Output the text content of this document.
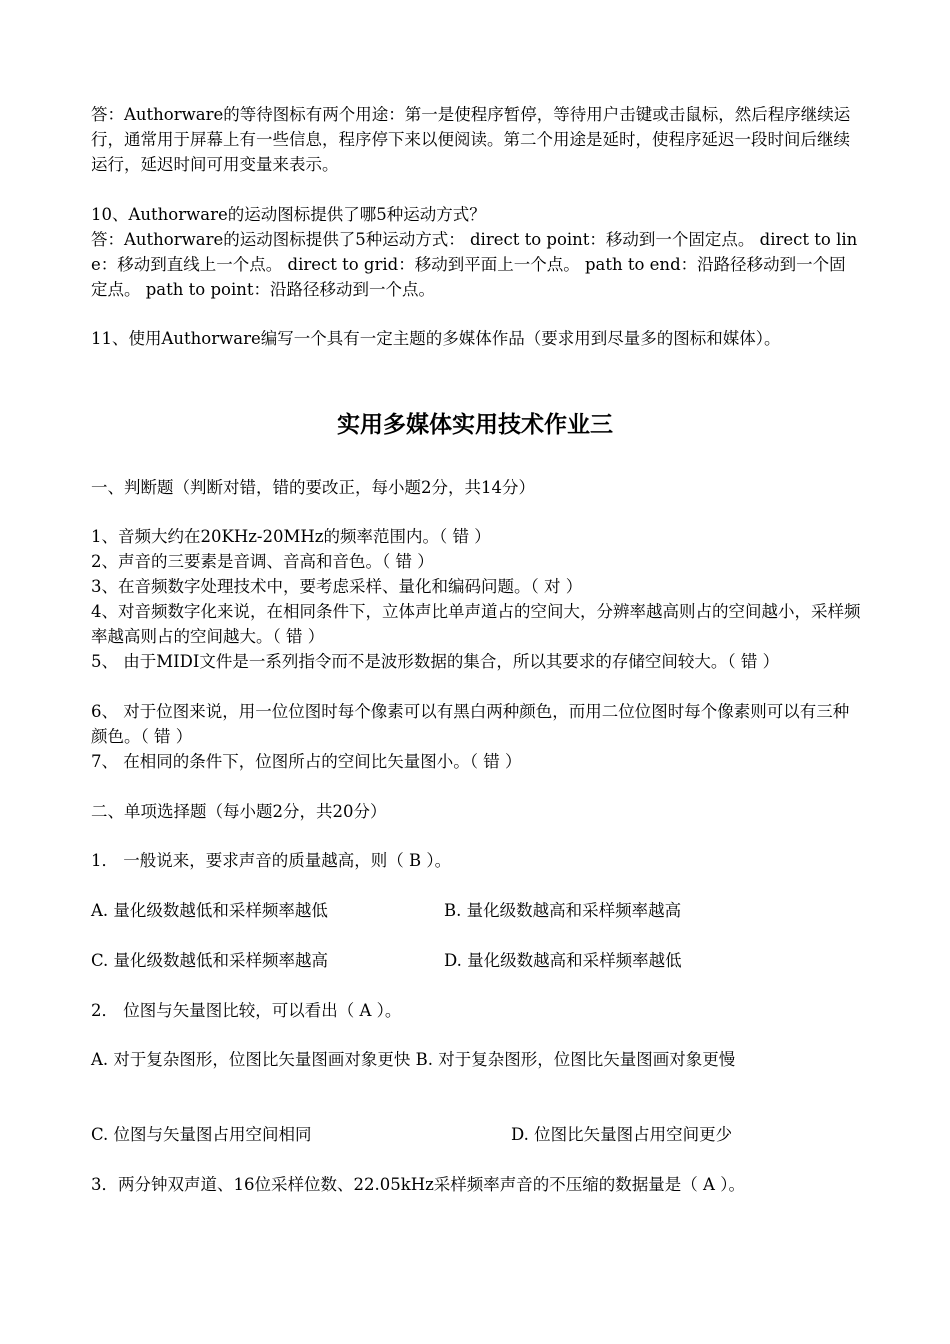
答：Authorware的等待图标有两个用途：第一是使程序暂停，等待用户击键或击鼠标，然后程序继续运行，通常用于屏幕上有一些信息，程序停下来以便阅读。第二个用途是延时，使程序延迟一段时间后继续运行，延迟时间可用变量来表示。

10、Authorware的运动图标提供了哪5种运动方式？

答：Authorware的运动图标提供了5种运动方式： direct to point：移动到一个固定点。 direct to line：移动到直线上一个点。 direct to grid：移动到平面上一个点。 path to end：沿路径移动到一个固定点。 path to point：沿路径移动到一个点。

11、使用Authorware编写一个具有一定主题的多媒体作品（要求用到尽量多的图标和媒体）。

实用多媒体实用技术作业三

一、判断题（判断对错，错的要改正，每小题2分，共14分）

1、音频大约在20KHz-20MHz的频率范围内。（ 错 ）

2、声音的三要素是音调、音高和音色。（ 错 ）

3、在音频数字处理技术中，要考虑采样、量化和编码问题。（ 对 ）

4、对音频数字化来说，在相同条件下，立体声比单声道占的空间大，分辨率越高则占的空间越小，采样频率越高则占的空间越大。（ 错 ）

5、 由于MIDI文件是一系列指令而不是波形数据的集合，所以其要求的存储空间较大。（ 错 ）

6、 对于位图来说，用一位位图时每个像素可以有黑白两种颜色，而用二位位图时每个像素则可以有三种颜色。（ 错 ）

7、 在相同的条件下，位图所占的空间比矢量图小。（ 错 ）

二、单项选择题（每小题2分，共20分）

1． 一般说来，要求声音的质量越高，则（ B ）。

A. 量化级数越低和采样频率越低	B. 量化级数越高和采样频率越高
C. 量化级数越低和采样频率越高	D. 量化级数越高和采样频率越低

2． 位图与矢量图比较，可以看出（ A ）。

A. 对于复杂图形，位图比矢量图画对象更快 B. 对于复杂图形，位图比矢量图画对象更慢

C. 位图与矢量图占用空间相同	D. 位图比矢量图占用空间更少

3．两分钟双声道、16位采样位数、22.05kHz采样频率声音的不压缩的数据量是（ A ）。
